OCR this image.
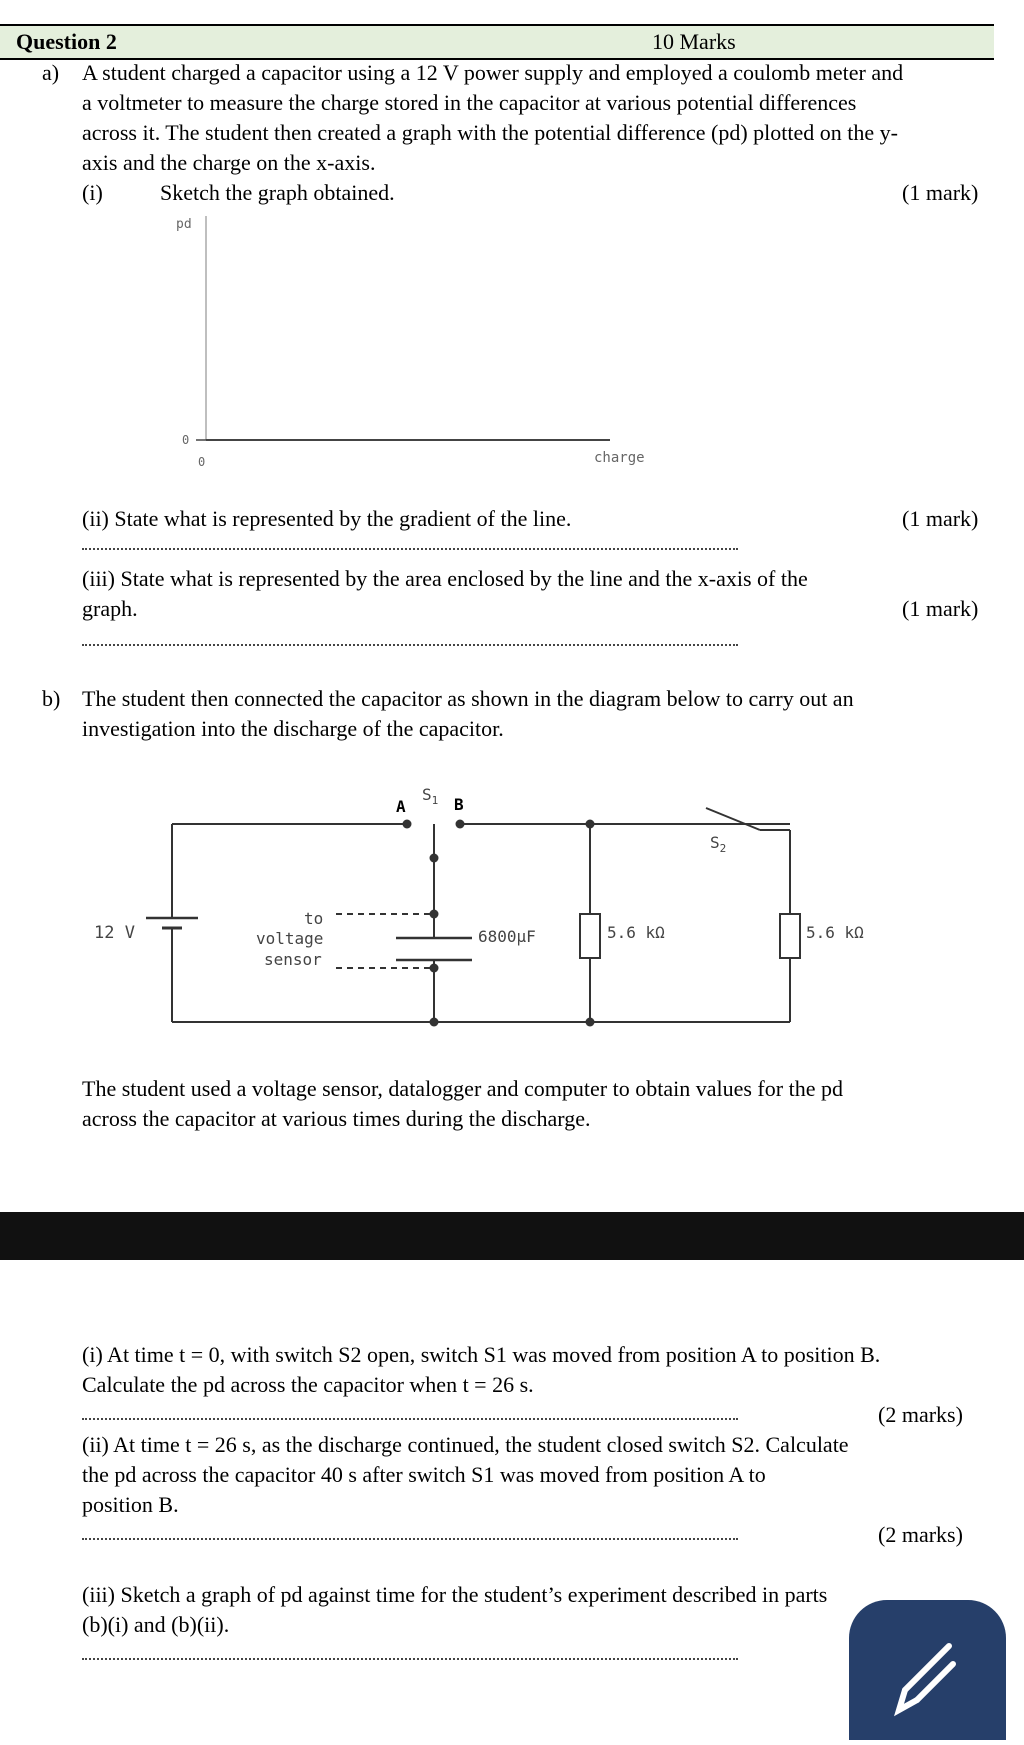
Question 2	10 Marks
a) A student charged a capacitor using a 12 V power supply and employed a coulomb meter and
a voltmeter to measure the charge stored in the capacitor at various potential differences
across it. The student then created a graph with the potential difference (pd) plotted on the y-
axis and the charge on the x-axis.
(i)	Sketch the graph obtained.	(1 mark)
pd
0
0	charge
(ii) State what is represented by the gradient of the line.	(1 mark)
(iii) State what is represented by the area enclosed by the line and the x-axis of the
graph.	(1 mark)
b) The student then connected the capacitor as shown in the diagram below to carry out an
investigation into the discharge of the capacitor.
A	B
$S_1$
$S_2$
12 V
to
voltage
sensor
6800μF	5.6 kΩ	5.6 kΩ
The student used a voltage sensor, datalogger and computer to obtain values for the pd
across the capacitor at various times during the discharge.
(i) At time t = 0, with switch S2 open, switch S1 was moved from position A to position B.
Calculate the pd across the capacitor when t = 26 s.
(2 marks)
(ii) At time t = 26 s, as the discharge continued, the student closed switch S2. Calculate
the pd across the capacitor 40 s after switch S1 was moved from position A to
position B.
(2 marks)
(iii) Sketch a graph of pd against time for the student’s experiment described in parts
(b)(i) and (b)(ii).
